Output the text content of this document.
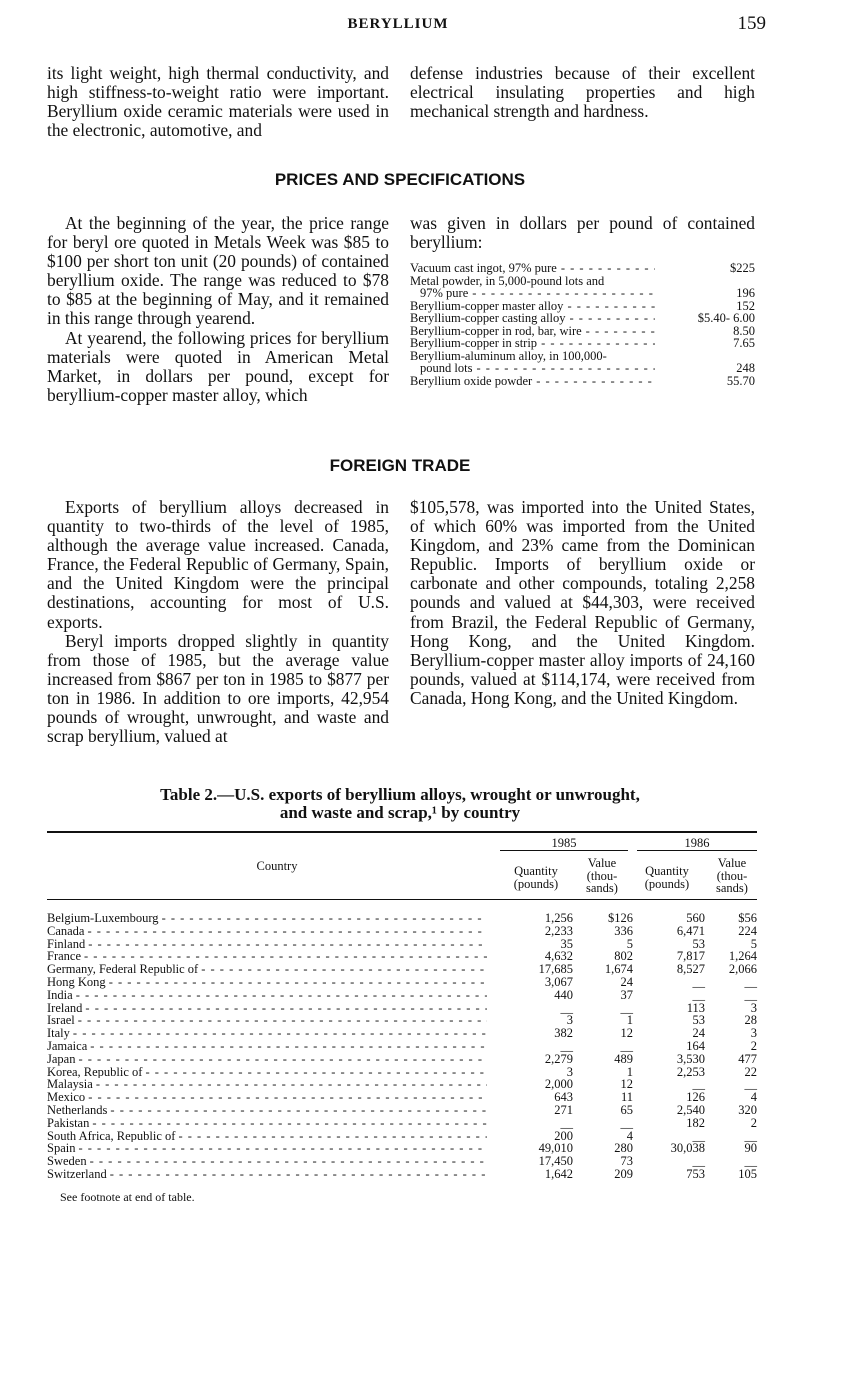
BERYLLIUM	159

its light weight, high thermal conductivity, and high stiffness-to-weight ratio were important. Beryllium oxide ceramic materials were used in the electronic, automotive, and

defense industries because of their excellent electrical insulating properties and high mechanical strength and hardness.

PRICES AND SPECIFICATIONS

At the beginning of the year, the price range for beryl ore quoted in Metals Week was $85 to $100 per short ton unit (20 pounds) of contained beryllium oxide. The range was reduced to $78 to $85 at the beginning of May, and it remained in this range through yearend.

At yearend, the following prices for beryllium materials were quoted in American Metal Market, in dollars per pound, except for beryllium-copper master alloy, which

was given in dollars per pound of contained beryllium:

Vacuum cast ingot, 97% pure - - -	$225
Metal powder, in 5,000-pound lots and
97% pure - - -	196
Beryllium-copper master alloy - - -	152
Beryllium-copper casting alloy - - -	$5.40- 6.00
Beryllium-copper in rod, bar, wire - - -	8.50
Beryllium-copper in strip - - -	7.65
Beryllium-aluminum alloy, in 100,000-
pound lots - - -	248
Beryllium oxide powder - - -	55.70
FOREIGN TRADE

Exports of beryllium alloys decreased in quantity to two-thirds of the level of 1985, although the average value increased. Canada, France, the Federal Republic of Germany, Spain, and the United Kingdom were the principal destinations, accounting for most of U.S. exports.

Beryl imports dropped slightly in quantity from those of 1985, but the average value increased from $867 per ton in 1985 to $877 per ton in 1986. In addition to ore imports, 42,954 pounds of wrought, unwrought, and waste and scrap beryllium, valued at

$105,578, was imported into the United States, of which 60% was imported from the United Kingdom, and 23% came from the Dominican Republic. Imports of beryllium oxide or carbonate and other compounds, totaling 2,258 pounds and valued at $44,303, were received from Brazil, the Federal Republic of Germany, Hong Kong, and the United Kingdom. Beryllium-copper master alloy imports of 24,160 pounds, valued at $114,174, were received from Canada, Hong Kong, and the United Kingdom.

Table 2.—U.S. exports of beryllium alloys, wrought or unwrought,
and waste and scrap,¹ by country
Country
1985	1986
Quantity (pounds)
Value (thou- sands)
Quantity (pounds)
Value (thou- sands)
Belgium-Luxembourg - - -	1,256	$126	560	$56
Canada - - -	2,233	336	6,471	224
Finland - - -	35	5	53	5
France - - -	4,632	802	7,817	1,264
Germany, Federal Republic of - - -	17,685	1,674	8,527	2,066
Hong Kong - - -	3,067	24	__	__
India - - -	440	37	__	__
Ireland - - -	__	__	113	3
Israel - - -	3	1	53	28
Italy - - -	382	12	24	3
Jamaica - - -	__	__	164	2
Japan - - -	2,279	489	3,530	477
Korea, Republic of - - -	3	1	2,253	22
Malaysia - - -	2,000	12	__	__
Mexico - - -	643	11	126	4
Netherlands - - -	271	65	2,540	320
Pakistan - - -	__	__	182	2
South Africa, Republic of - - -	200	4	__	__
Spain - - -	49,010	280	30,038	90
Sweden - - -	17,450	73	__	__
Switzerland - - -	1,642	209	753	105
See footnote at end of table.
